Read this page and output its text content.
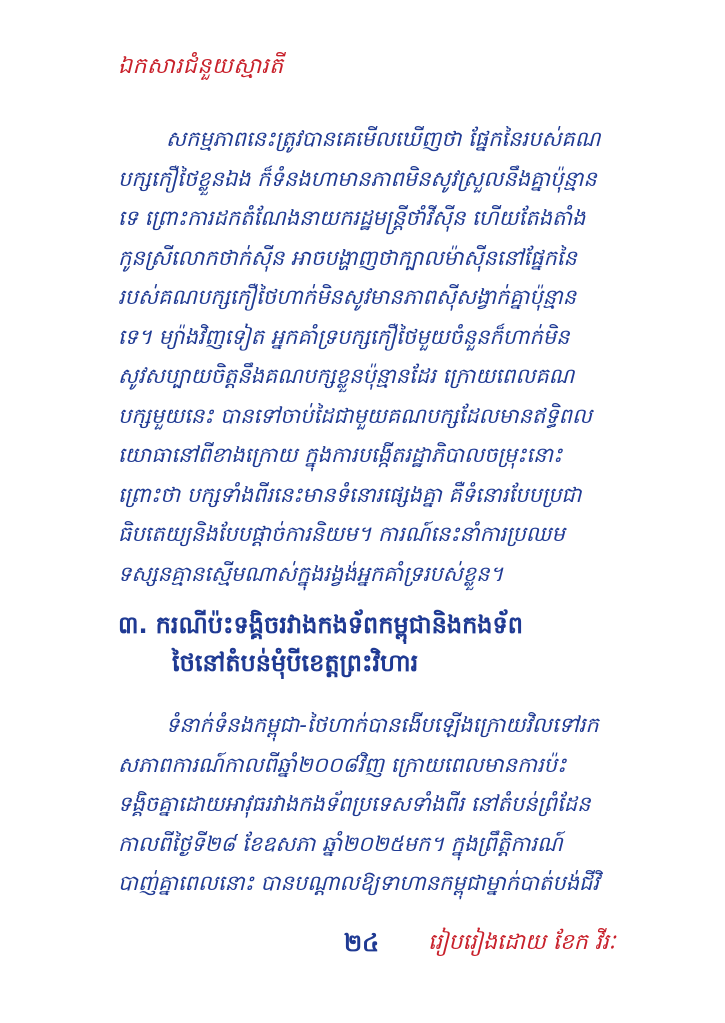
ឯកសារជំនួយស្មារតី
សកម្មភាពនេះត្រូវបានគេមើលឃើញថា ផ្នែកនៃរបស់គណ
បក្សកឿថៃខ្លួនឯង ក៏ទំនងហាមានភាពមិនសូវស្រួលនឹងគ្នាប៉ុន្មាន
ទេ ព្រោះការដកតំណែងនាយករដ្ឋមន្រ្តីថាំវីស៊ីន ហើយតែងតាំង
កូនស្រីលោកថាក់ស៊ីន អាចបង្ហាញថាក្បាលម៉ាស៊ីននៅផ្នែកនៃ
របស់គណបក្សកឿថៃហាក់មិនសូវមានភាពស៊ីសង្វាក់គ្នាប៉ុន្មាន
ទេ។ ម្យ៉ាងវិញទៀត អ្នកគាំទ្របក្សកឿថៃមួយចំនួនក៏ហាក់មិន
សូវសប្បាយចិត្តនឹងគណបក្សខ្លួនប៉ុន្មានដែរ ក្រោយពេលគណ
បក្សមួយនេះ បានទៅចាប់ដៃជាមួយគណបក្សដែលមានឥទ្ធិពល
យោធានៅពីខាងក្រោយ ក្នុងការបង្កើតរដ្ឋាភិបាលចម្រុះនោះ
ព្រោះថា បក្សទាំងពីរនេះមានទំនោរផ្សេងគ្នា គឺទំនោរបែបប្រជា
ធិបតេយ្យនិងបែបផ្តាច់ការនិយម។ ការណ៍នេះនាំការប្រឈម
ទស្សនគ្មានស្មើមណាស់ក្នុងរង្វង់អ្នកគាំទ្ររបស់ខ្លួន។
៣. ករណីប៉ះទង្គិចរវាងកងទ័ពកម្ពុជានិងកងទ័ព
ថៃនៅតំបន់មុំបីខេត្តព្រះវិហារ
ទំនាក់ទំនងកម្ពុជា-ថៃហាក់បានងើបឡើងក្រោយវិលទៅរក
សភាពការណ៍កាលពីឆ្នាំ២០០៨វិញ ក្រោយពេលមានការប៉ះ
ទង្គិចគ្នាដោយអាវុធរវាងកងទ័ពប្រទេសទាំងពីរ នៅតំបន់ព្រំដែន
កាលពីថ្ងៃទី២៨ ខែឧសភា ឆ្នាំ២០២៥មក។ ក្នុងព្រឹត្តិការណ៍
បាញ់គ្នាពេលនោះ បានបណ្តាលឱ្យទាហានកម្ពុជាម្នាក់បាត់បង់ជីវិ
២៤ រៀបរៀងដោយ ខែក វីរៈ
